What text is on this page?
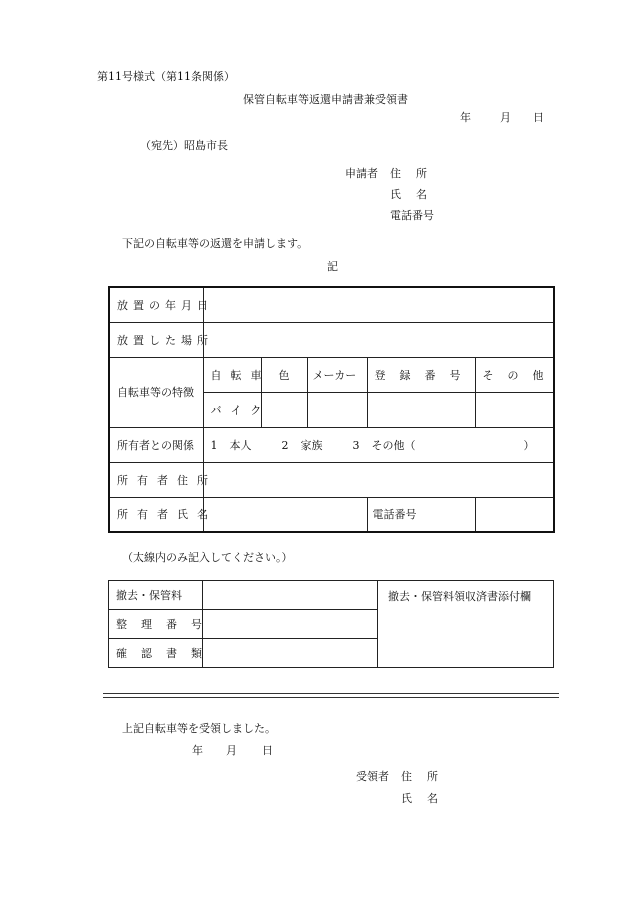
第11号様式（第11条関係）
保管自転車等返還申請書兼受領書
年	月 日
（宛先）昭島市長
申請者 住　所
氏　名
電話番号
下記の自転車等の返還を申請します。
記
放置の年月日					
放置した場所					
自転車等の特徴	自転車	色	メーカー	登録番号	その他
	バイク				
所有者との関係	1 本人 2 家族 3 その他（ ）				
所有者住所					
所有者氏名				電話番号	
（太線内のみ記入してください。）
撤去・保管料		撤去・保管料領収済書添付欄
整理番号		
確認書類		
上記自転車等を受領しました。
年 月 日
受領者 住　所
氏　名
